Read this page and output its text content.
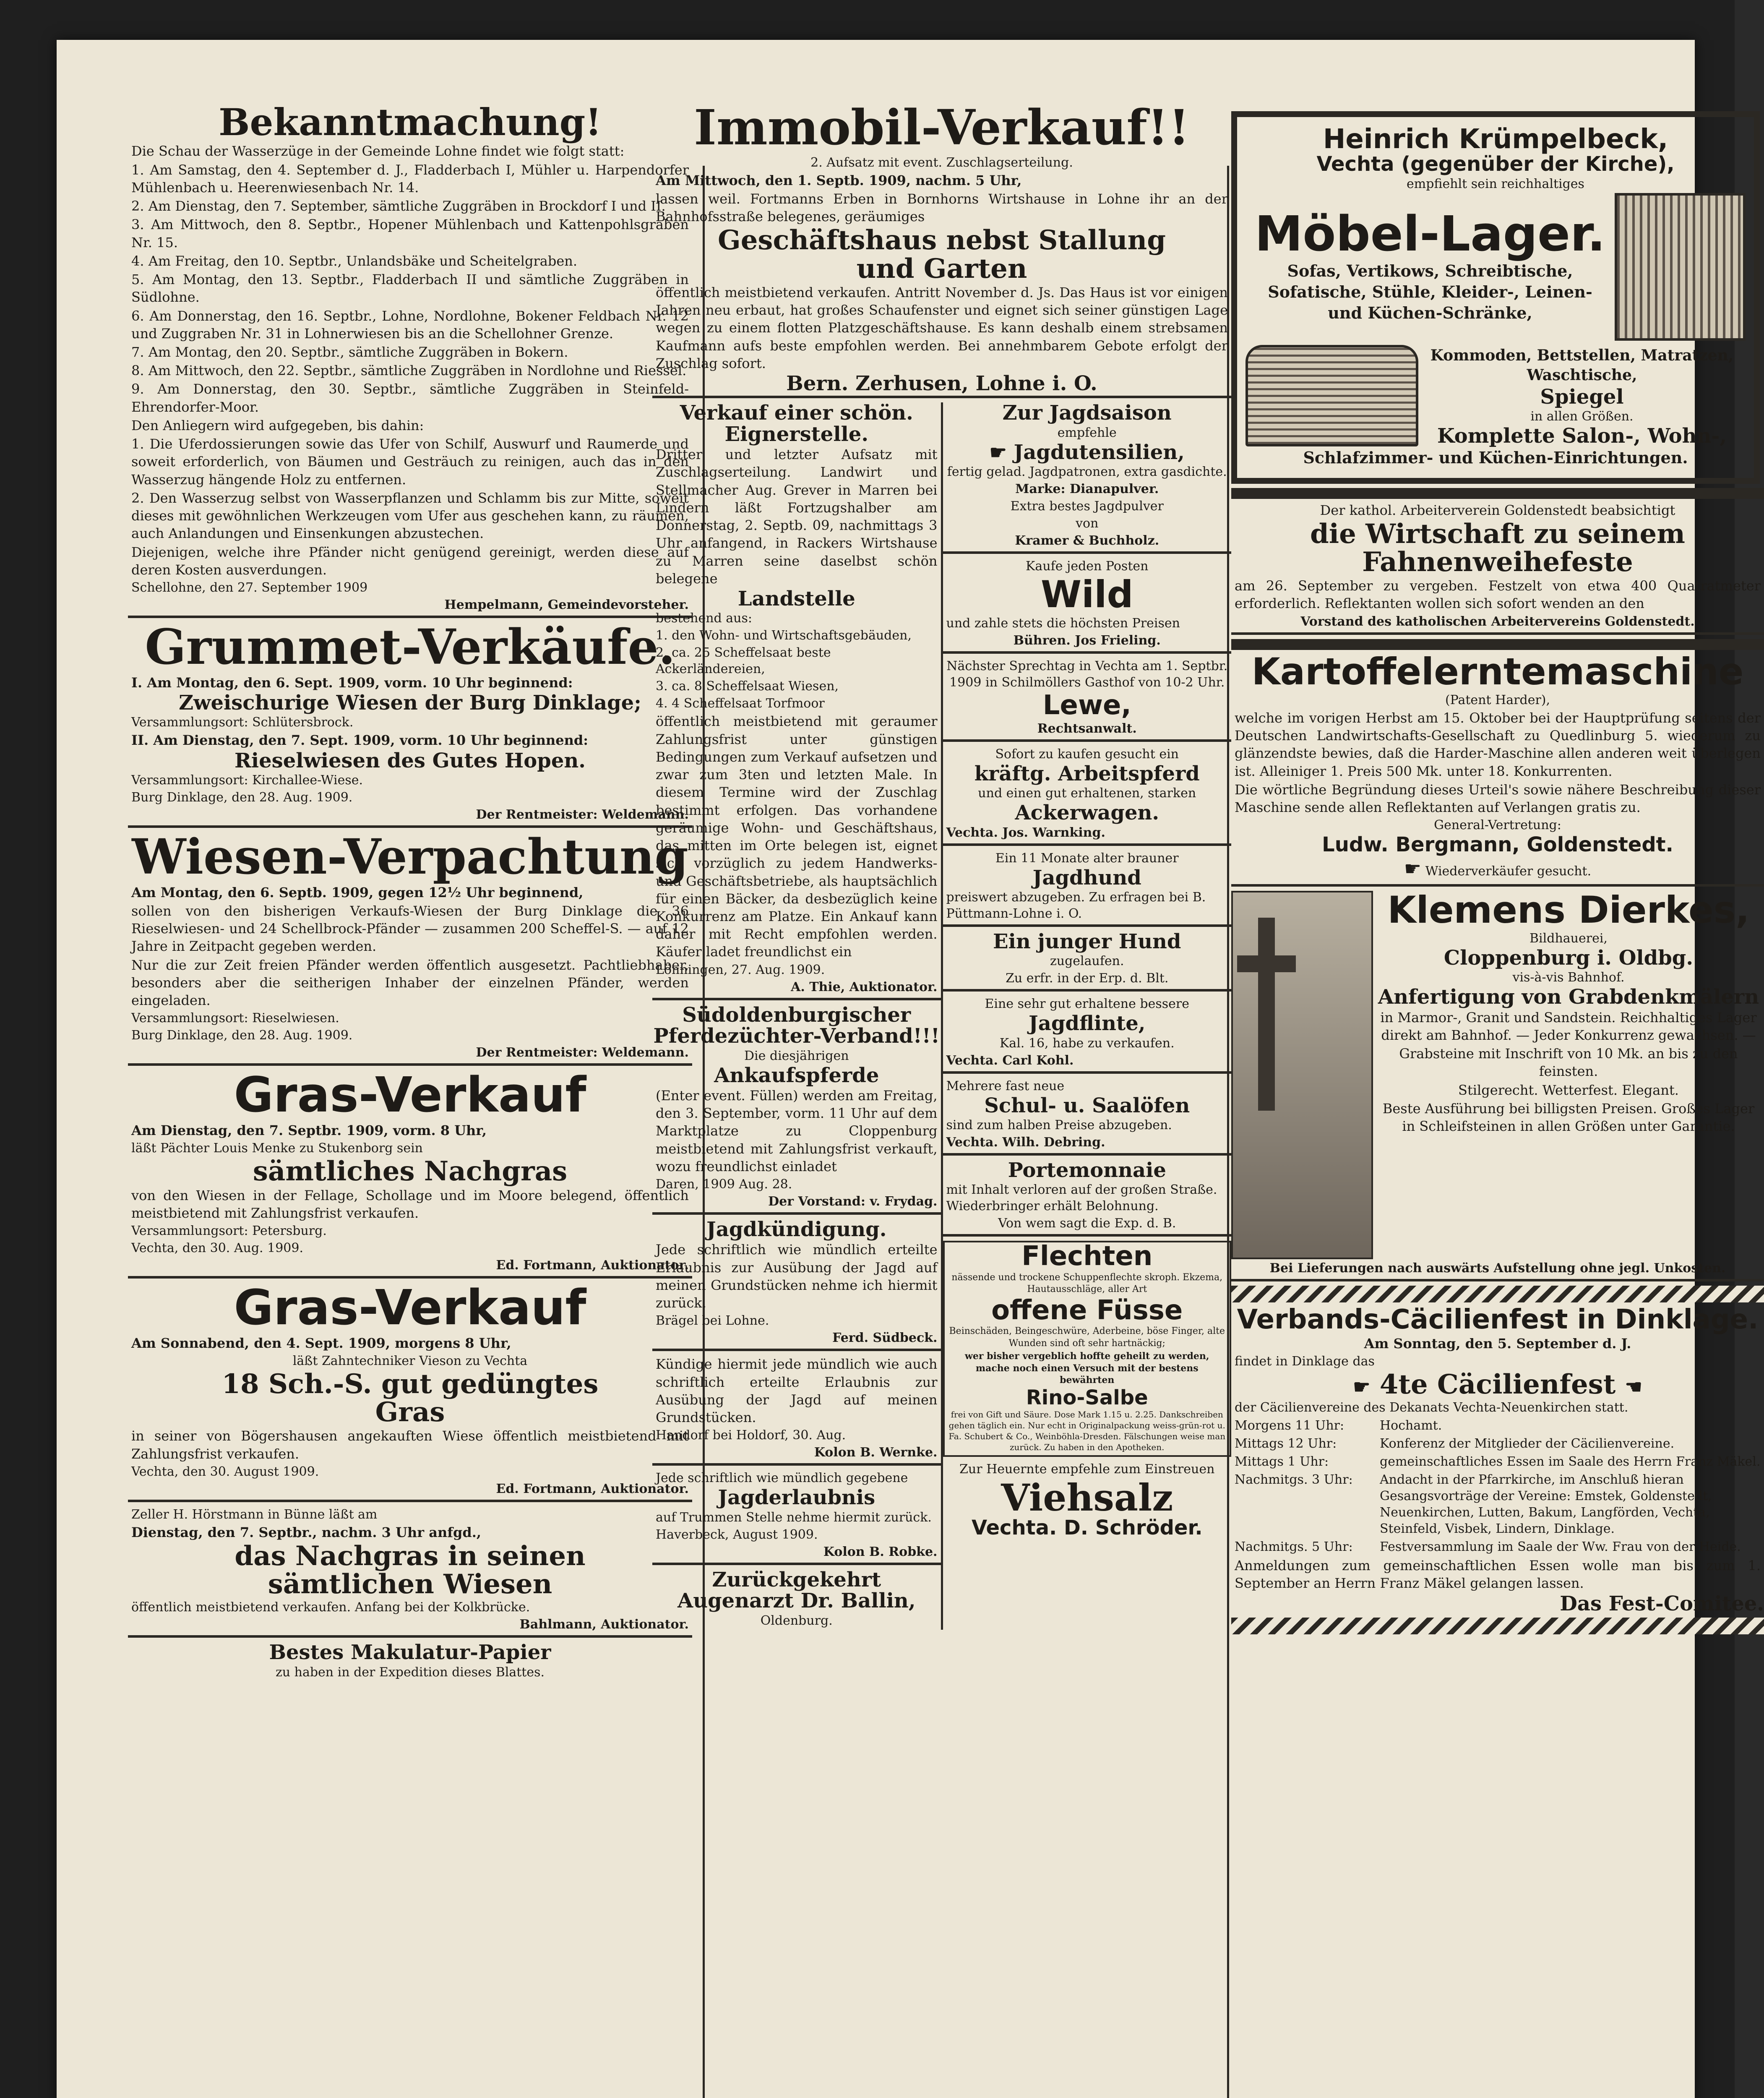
Bekanntmachung!
Die Schau der Wasserzüge in der Gemeinde Lohne findet wie folgt statt:
1. Am Samstag, den 4. September d. J., Fladderbach I, Mühler u. Harpendorfer Mühlenbach u. Heerenwiesenbach Nr. 14.
2. Am Dienstag, den 7. September, sämtliche Zuggräben in Brockdorf I und II.
3. Am Mittwoch, den 8. Septbr., Hopener Mühlenbach und Kattenpohlsgraben Nr. 15.
4. Am Freitag, den 10. Septbr., Unlandsbäke und Scheitelgraben.
5. Am Montag, den 13. Septbr., Fladderbach II und sämtliche Zuggräben in Südlohne.
6. Am Donnerstag, den 16. Septbr., Lohne, Nordlohne, Bokener Feldbach Nr. 12 und Zuggraben Nr. 31 in Lohnerwiesen bis an die Schellohner Grenze.
7. Am Montag, den 20. Septbr., sämtliche Zuggräben in Bokern.
8. Am Mittwoch, den 22. Septbr., sämtliche Zuggräben in Nordlohne und Riessel.
9. Am Donnerstag, den 30. Septbr., sämtliche Zuggräben in Steinfeld-Ehrendorfer-Moor.
Den Anliegern wird aufgegeben, bis dahin:
1. Die Uferdossierungen sowie das Ufer von Schilf, Auswurf und Raumerde und soweit erforderlich, von Bäumen und Gesträuch zu reinigen, auch das in den Wasserzug hängende Holz zu entfernen.
2. Den Wasserzug selbst von Wasserpflanzen und Schlamm bis zur Mitte, soweit dieses mit gewöhnlichen Werkzeugen vom Ufer aus geschehen kann, zu räumen, auch Anlandungen und Einsenkungen abzustechen.
Diejenigen, welche ihre Pfänder nicht genügend gereinigt, werden diese auf deren Kosten ausverdungen.
Schellohne, den 27. September 1909
Hempelmann, Gemeindevorsteher.
Grummet-Verkäufe.
I. Am Montag, den 6. Sept. 1909, vorm. 10 Uhr beginnend:
Zweischurige Wiesen der Burg Dinklage;
Versammlungsort: Schlütersbrock.
II. Am Dienstag, den 7. Sept. 1909, vorm. 10 Uhr beginnend:
Rieselwiesen des Gutes Hopen.
Versammlungsort: Kirchallee-Wiese.
Burg Dinklage, den 28. Aug. 1909.
Der Rentmeister: Weldemann.
Wiesen-Verpachtung
Am Montag, den 6. Septb. 1909, gegen 12½ Uhr beginnend,
sollen von den bisherigen Verkaufs-Wiesen der Burg Dinklage die 36 Rieselwiesen- und 24 Schellbrock-Pfänder — zusammen 200 Scheffel-S. — auf 12 Jahre in Zeitpacht gegeben werden.
Nur die zur Zeit freien Pfänder werden öffentlich ausgesetzt. Pachtliebhaber, besonders aber die seitherigen Inhaber der einzelnen Pfänder, werden eingeladen.
Versammlungsort: Rieselwiesen.
Burg Dinklage, den 28. Aug. 1909.
Der Rentmeister: Weldemann.
Gras-Verkauf
Am Dienstag, den 7. Septbr. 1909, vorm. 8 Uhr,
läßt Pächter Louis Menke zu Stukenborg sein
sämtliches Nachgras
von den Wiesen in der Fellage, Schollage und im Moore belegend, öffentlich meistbietend mit Zahlungsfrist verkaufen.
Versammlungsort: Petersburg.
Vechta, den 30. Aug. 1909.
Ed. Fortmann, Auktionator.
Gras-Verkauf
Am Sonnabend, den 4. Sept. 1909, morgens 8 Uhr,
läßt Zahntechniker Vieson zu Vechta
18 Sch.-S. gut gedüngtes
Gras
in seiner von Bögershausen angekauften Wiese öffentlich meistbietend mit Zahlungsfrist verkaufen.
Vechta, den 30. August 1909.
Ed. Fortmann, Auktionator.
Zeller H. Hörstmann in Bünne läßt am
Dienstag, den 7. Septbr., nachm. 3 Uhr anfgd.,
das Nachgras in seinen
sämtlichen Wiesen
öffentlich meistbietend verkaufen. Anfang bei der Kolkbrücke.
Bahlmann, Auktionator.
Bestes Makulatur-Papier
zu haben in der Expedition dieses Blattes.
Immobil-Verkauf!!
2. Aufsatz mit event. Zuschlagserteilung.
Am Mittwoch, den 1. Septb. 1909, nachm. 5 Uhr,
lassen weil. Fortmanns Erben in Bornhorns Wirtshause in Lohne ihr an der Bahnhofsstraße belegenes, geräumiges
Geschäftshaus nebst Stallung
und Garten
öffentlich meistbietend verkaufen. Antritt November d. Js. Das Haus ist vor einigen Jahren neu erbaut, hat großes Schaufenster und eignet sich seiner günstigen Lage wegen zu einem flotten Platzgeschäftshause. Es kann deshalb einem strebsamen Kaufmann aufs beste empfohlen werden. Bei annehmbarem Gebote erfolgt der Zuschlag sofort.
Bern. Zerhusen, Lohne i. O.
Verkauf einer schön. Eignerstelle.
Dritter und letzter Aufsatz mit Zuschlagserteilung. Landwirt und Stellmacher Aug. Grever in Marren bei Lindern läßt Fortzugshalber am Donnerstag, 2. Septb. 09, nachmittags 3 Uhr anfangend, in Rackers Wirtshause zu Marren seine daselbst schön belegene
Landstelle
bestehend aus:
1. den Wohn- und Wirtschaftsgebäuden,
2. ca. 25 Scheffelsaat beste Ackerländereien,
3. ca. 8 Scheffelsaat Wiesen,
4. 4 Scheffelsaat Torfmoor
öffentlich meistbietend mit geraumer Zahlungsfrist unter günstigen Bedingungen zum Verkauf aufsetzen und zwar zum 3ten und letzten Male. In diesem Termine wird der Zuschlag bestimmt erfolgen. Das vorhandene geräumige Wohn- und Geschäftshaus, das mitten im Orte belegen ist, eignet sich vorzüglich zu jedem Handwerks- und Geschäftsbetriebe, als hauptsächlich für einen Bäcker, da desbezüglich keine Konkurrenz am Platze. Ein Ankauf kann daher mit Recht empfohlen werden. Käufer ladet freundlichst ein
Lönningen, 27. Aug. 1909.
A. Thie, Auktionator.
Südoldenburgischer Pferdezüchter-Verband!!!
Die diesjährigen
Ankaufspferde
(Enter event. Füllen) werden am Freitag, den 3. September, vorm. 11 Uhr auf dem Marktplatze zu Cloppenburg meistbietend mit Zahlungsfrist verkauft, wozu freundlichst einladet
Daren, 1909 Aug. 28.
Der Vorstand: v. Frydag.
Jagdkündigung.
Jede schriftlich wie mündlich erteilte Erlaubnis zur Ausübung der Jagd auf meinen Grundstücken nehme ich hiermit zurück.
Brägel bei Lohne.
Ferd. Südbeck.
Kündige hiermit jede mündlich wie auch schriftlich erteilte Erlaubnis zur Ausübung der Jagd auf meinen Grundstücken.
Handorf bei Holdorf, 30. Aug.
Kolon B. Wernke.
Jede schriftlich wie mündlich gegebene
Jagderlaubnis
auf Trummen Stelle nehme hiermit zurück.
Haverbeck, August 1909.
Kolon B. Robke.
Zurückgekehrt
Augenarzt Dr. Ballin,
Oldenburg.
Zur Jagdsaison
empfehle
☛ Jagdutensilien,
fertig gelad. Jagdpatronen, extra gasdichte.
Marke: Dianapulver.
Extra bestes Jagdpulver
von
Kramer & Buchholz.
Kaufe jeden Posten
Wild
und zahle stets die höchsten Preisen
Bühren. Jos Frieling.
Nächster Sprechtag in Vechta am 1. Septbr. 1909 in Schilmöllers Gasthof von 10-2 Uhr.
Lewe,
Rechtsanwalt.
Sofort zu kaufen gesucht ein
kräftg. Arbeitspferd
und einen gut erhaltenen, starken
Ackerwagen.
Vechta. Jos. Warnking.
Ein 11 Monate alter brauner
Jagdhund
preiswert abzugeben. Zu erfragen bei B. Püttmann-Lohne i. O.
Ein junger Hund
zugelaufen.
Zu erfr. in der Erp. d. Blt.
Eine sehr gut erhaltene bessere
Jagdflinte,
Kal. 16, habe zu verkaufen.
Vechta. Carl Kohl.
Mehrere fast neue
Schul- u. Saalöfen
sind zum halben Preise abzugeben.
Vechta. Wilh. Debring.
Portemonnaie
mit Inhalt verloren auf der großen Straße. Wiederbringer erhält Belohnung.
Von wem sagt die Exp. d. B.
Flechten
nässende und trockene Schuppenflechte skroph. Ekzema, Hautausschläge, aller Art
offene Füsse
Beinschäden, Beingeschwüre, Aderbeine, böse Finger, alte Wunden sind oft sehr hartnäckig;
wer bisher vergeblich hoffte geheilt zu werden, mache noch einen Versuch mit der bestens bewährten
Rino-Salbe
frei von Gift und Säure. Dose Mark 1.15 u. 2.25. Dankschreiben gehen täglich ein. Nur echt in Originalpackung weiss-grün-rot u. Fa. Schubert & Co., Weinböhla-Dresden. Fälschungen weise man zurück. Zu haben in den Apotheken.
Zur Heuernte empfehle zum Einstreuen
Viehsalz
Vechta. D. Schröder.
Heinrich Krümpelbeck,
Vechta (gegenüber der Kirche),
empfiehlt sein reichhaltiges
Möbel-Lager.
Sofas, Vertikows, Schreibtische, Sofatische, Stühle, Kleider-, Leinen- und Küchen-Schränke,
Kommoden, Bettstellen, Matratzen, Waschtische,
Spiegel
in allen Größen.
Komplette Salon-, Wohn-,
Schlafzimmer- und Küchen-Einrichtungen.
Der kathol. Arbeiterverein Goldenstedt beabsichtigt
die Wirtschaft zu seinem Fahnenweihefeste
am 26. September zu vergeben. Festzelt von etwa 400 Quatratmeter erforderlich. Reflektanten wollen sich sofort wenden an den
Vorstand des katholischen Arbeitervereins Goldenstedt.
Kartoffelerntemaschine
(Patent Harder),
welche im vorigen Herbst am 15. Oktober bei der Hauptprüfung seitens der Deutschen Landwirtschafts-Gesellschaft zu Quedlinburg 5. wiederum zu glänzendste bewies, daß die Harder-Maschine allen anderen weit überlegen ist. Alleiniger 1. Preis 500 Mk. unter 18. Konkurrenten.
Die wörtliche Begründung dieses Urteil's sowie nähere Beschreibung dieser Maschine sende allen Reflektanten auf Verlangen gratis zu.
General-Vertretung:
Ludw. Bergmann, Goldenstedt.
☛ Wiederverkäufer gesucht.
Klemens Dierkes,
Bildhauerei,
Cloppenburg i. Oldbg.
vis-à-vis Bahnhof.
Anfertigung von Grabdenkmälern
in Marmor-, Granit und Sandstein. Reichhaltiges Lager direkt am Bahnhof. — Jeder Konkurrenz gewachsen. —
Grabsteine mit Inschrift von 10 Mk. an bis zu den feinsten.
Stilgerecht. Wetterfest. Elegant.
Beste Ausführung bei billigsten Preisen. Großes Lager in Schleifsteinen in allen Größen unter Garantie.
Bei Lieferungen nach auswärts Aufstellung ohne jegl. Unkosten.
Verbands-Cäcilienfest in Dinklage.
Am Sonntag, den 5. September d. J.
findet in Dinklage das
☛ 4te Cäcilienfest ☚
der Cäcilienvereine des Dekanats Vechta-Neuenkirchen statt.
Morgens 11 Uhr:	Hochamt.
Mittags 12 Uhr:	Konferenz der Mitglieder der Cäcilienvereine.
Mittags 1 Uhr:	gemeinschaftliches Essen im Saale des Herrn Franz Mäkel.
Nachmitgs. 3 Uhr:	Andacht in der Pfarrkirche, im Anschluß hieran Gesangsvorträge der Vereine: Emstek, Goldenstedt, Neuenkirchen, Lutten, Bakum, Langförden, Vechta, Steinfeld, Visbek, Lindern, Dinklage.
Nachmitgs. 5 Uhr:	Festversammlung im Saale der Ww. Frau von der Heide.
Anmeldungen zum gemeinschaftlichen Essen wolle man bis zum 1. September an Herrn Franz Mäkel gelangen lassen.
Das Fest-Comitee.
